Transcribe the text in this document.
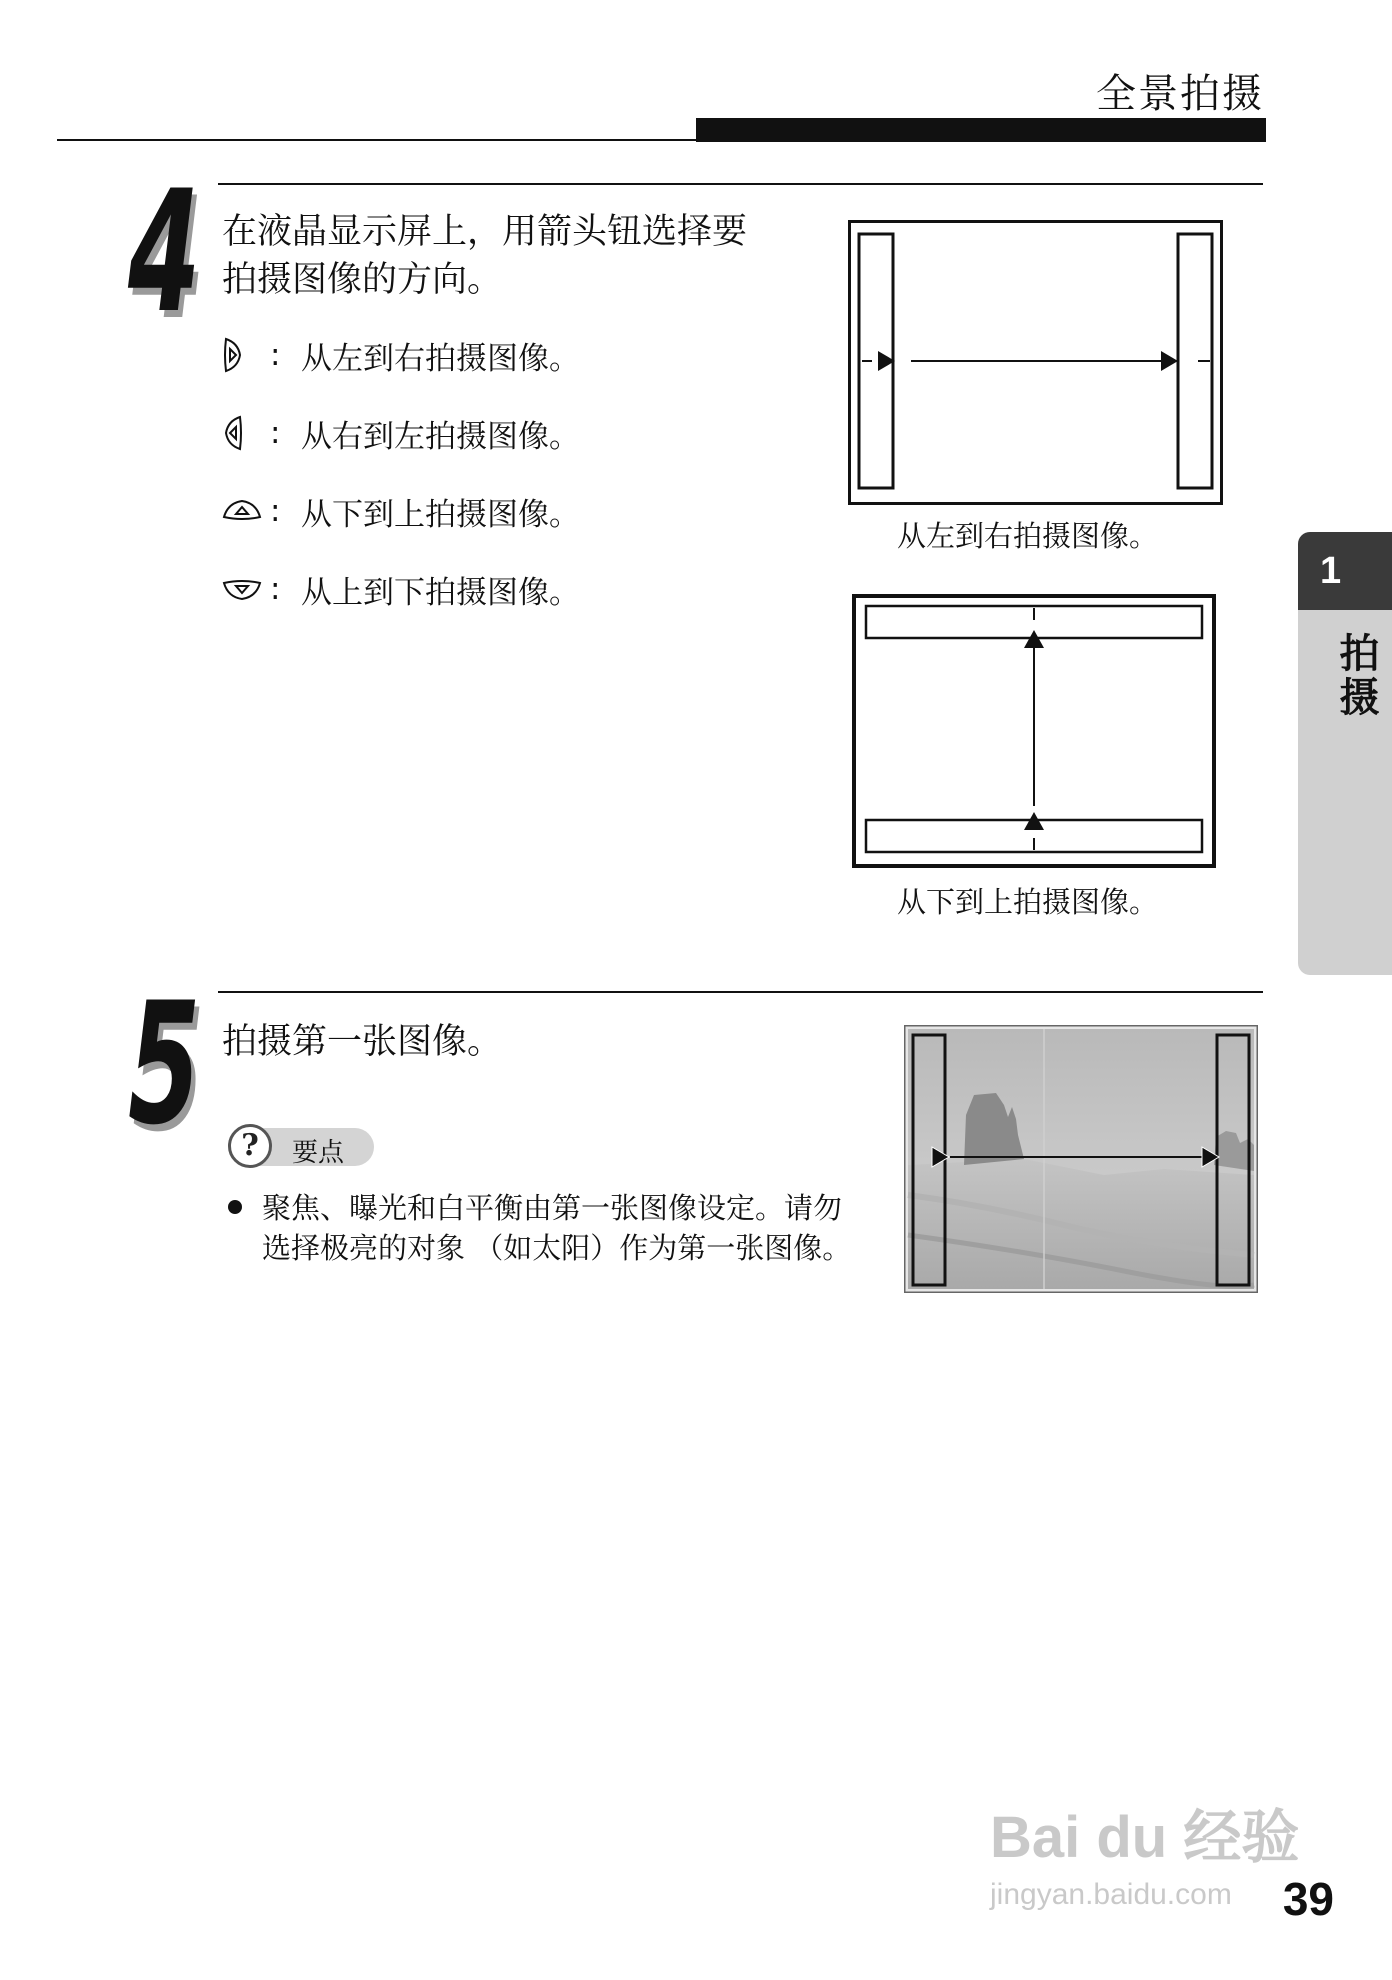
全景拍摄
1
拍摄
4 在液晶显示屏上，用箭头钮选择要
拍摄图像的方向。
: 从左到右拍摄图像。
: 从右到左拍摄图像。
: 从下到上拍摄图像。
: 从上到下拍摄图像。
从左到右拍摄图像。
从下到上拍摄图像。
5 拍摄第一张图像。
?	要点
聚焦、曝光和白平衡由第一张图像设定。请勿
选择极亮的对象 （如太阳）作为第一张图像。
Bai du 经验
jingyan.baidu.com 39
